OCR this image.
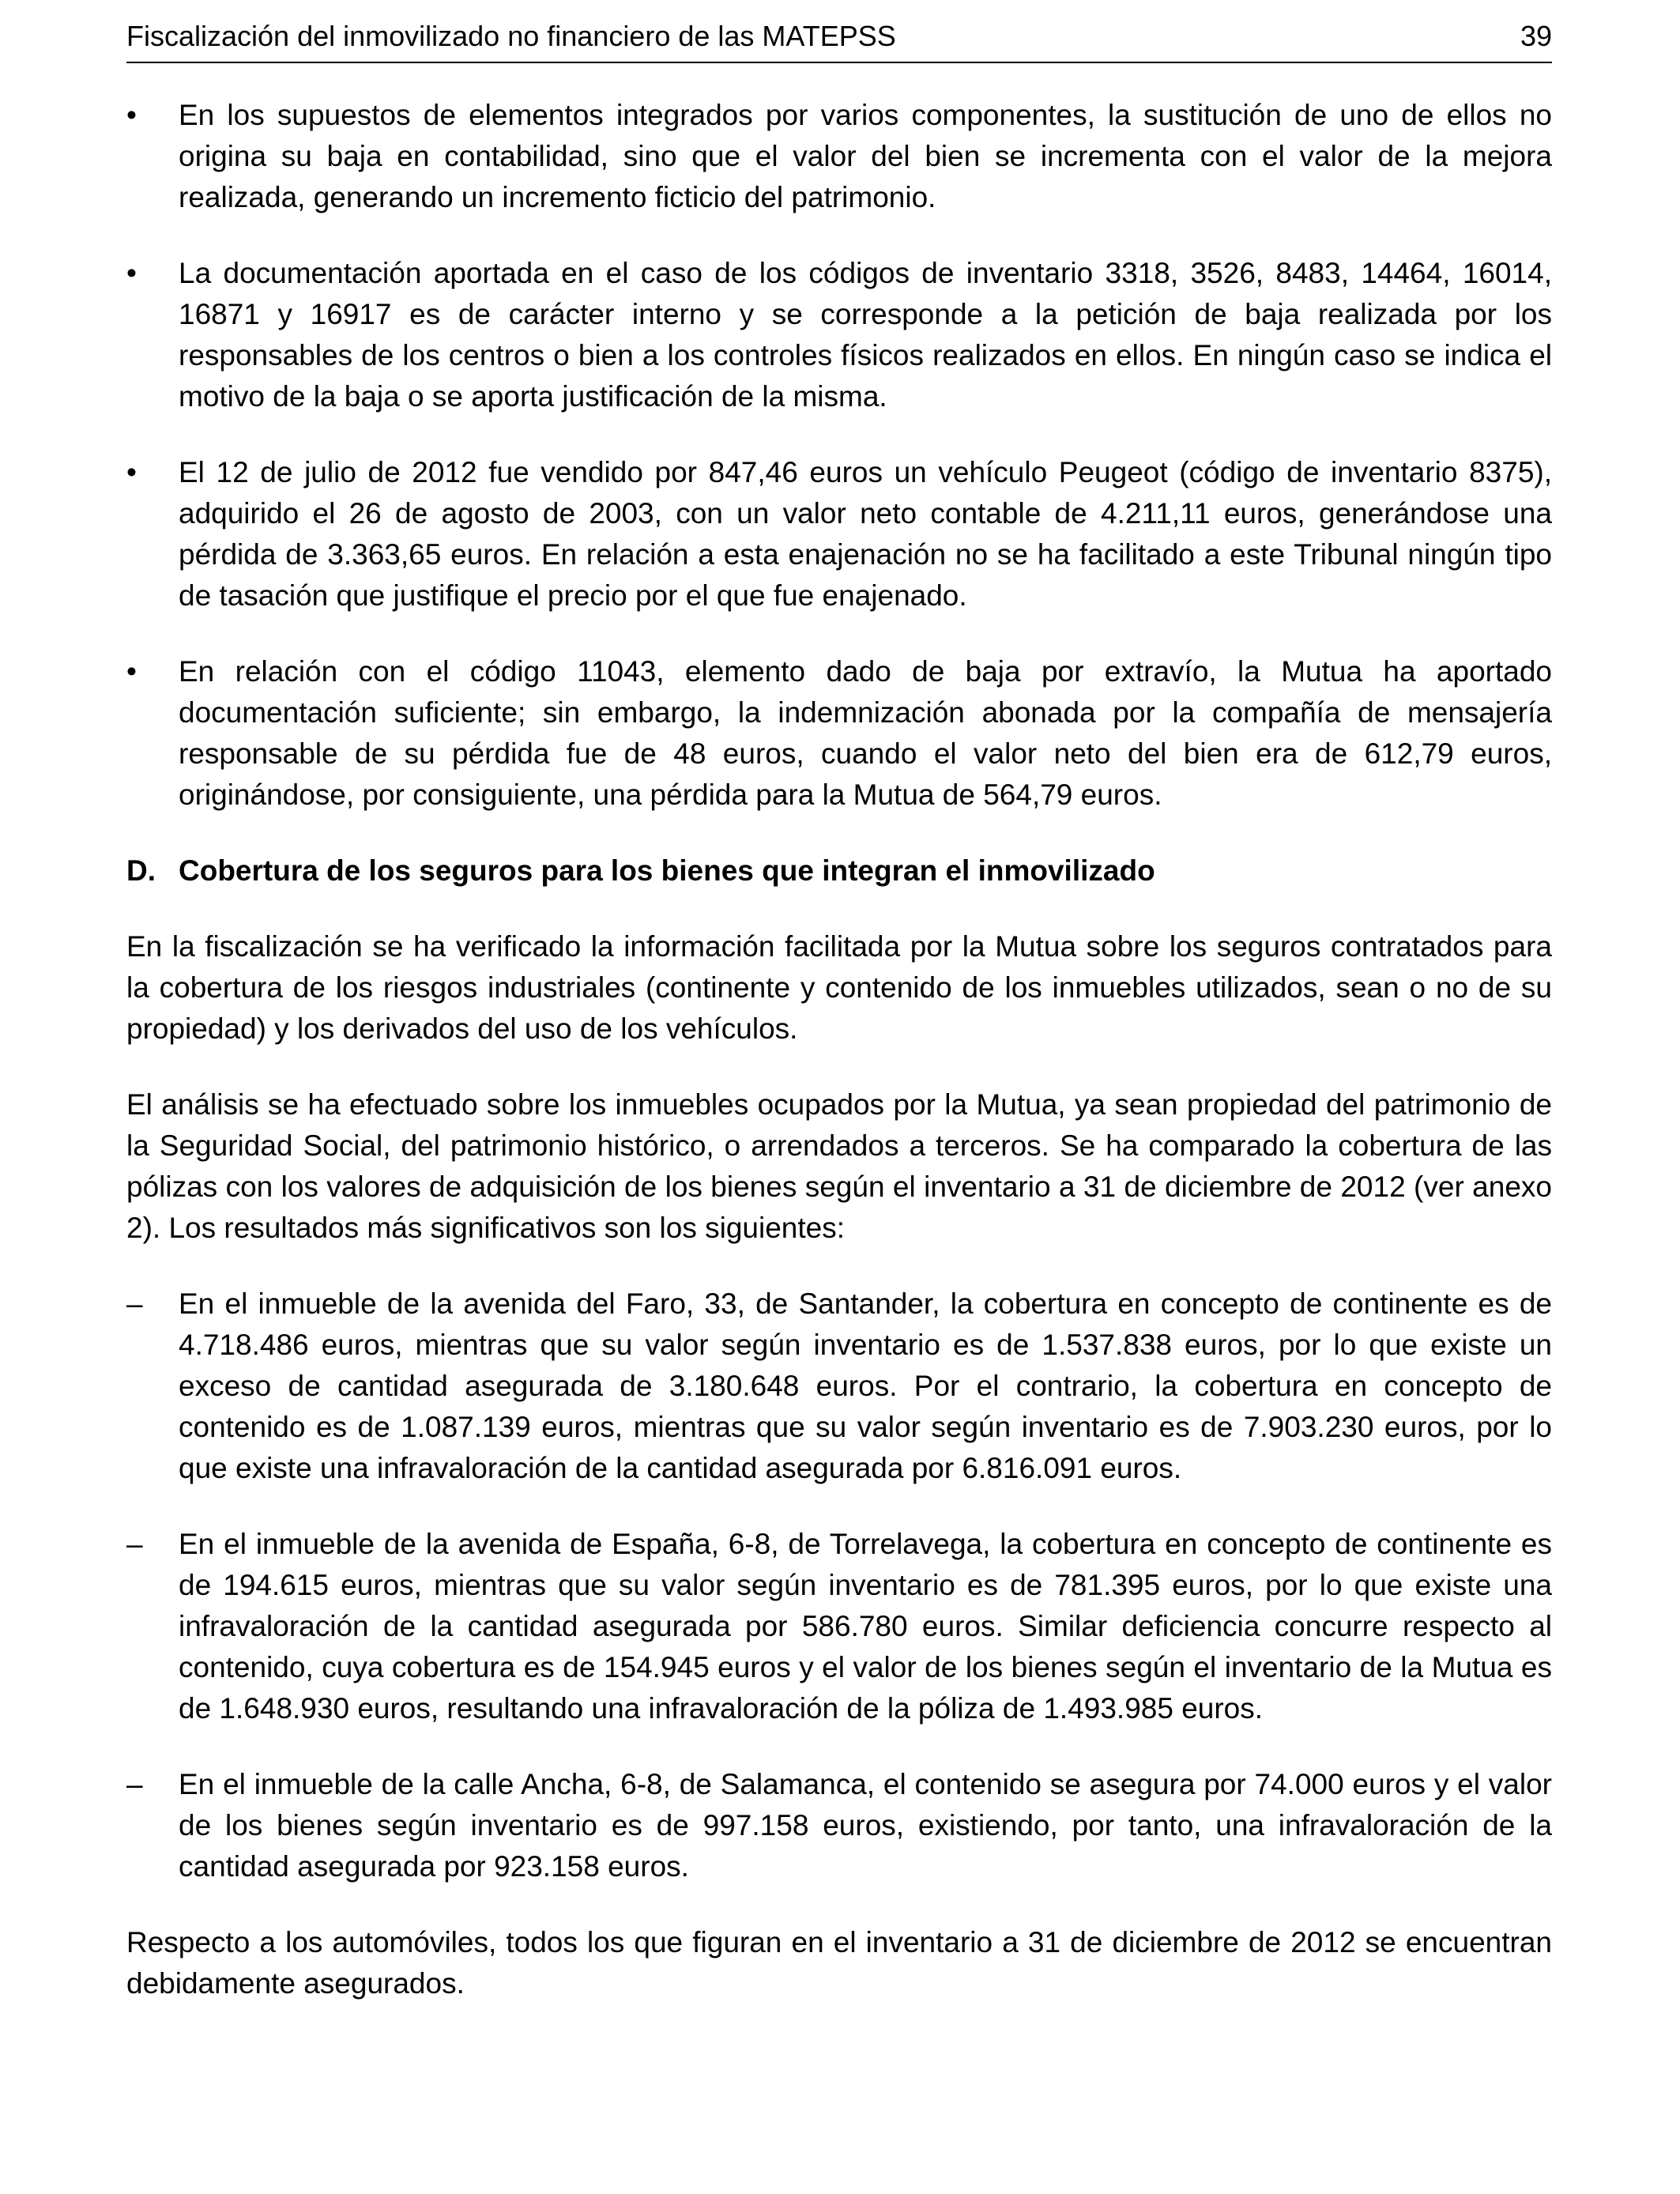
Fiscalización del inmovilizado no financiero de las MATEPSS	39
•	En los supuestos de elementos integrados por varios componentes, la sustitución de uno de ellos no origina su baja en contabilidad, sino que el valor del bien se incrementa con el valor de la mejora realizada, generando un incremento ficticio del patrimonio.
•	La documentación aportada en el caso de los códigos de inventario 3318, 3526, 8483, 14464, 16014, 16871 y 16917 es de carácter interno y se corresponde a la petición de baja realizada por los responsables de los centros o bien a los controles físicos realizados en ellos. En ningún caso se indica el motivo de la baja o se aporta justificación de la misma.
•	El 12 de julio de 2012 fue vendido por 847,46 euros un vehículo Peugeot (código de inventario 8375), adquirido el 26 de agosto de 2003, con un valor neto contable de 4.211,11 euros, generándose una pérdida de 3.363,65 euros. En relación a esta enajenación no se ha facilitado a este Tribunal ningún tipo de tasación que justifique el precio por el que fue enajenado.
•	En relación con el código 11043, elemento dado de baja por extravío, la Mutua ha aportado documentación suficiente; sin embargo, la indemnización abonada por la compañía de mensajería responsable de su pérdida fue de 48 euros, cuando el valor neto del bien era de 612,79 euros, originándose, por consiguiente, una pérdida para la Mutua de 564,79 euros.
D. Cobertura de los seguros para los bienes que integran el inmovilizado

En la fiscalización se ha verificado la información facilitada por la Mutua sobre los seguros contratados para la cobertura de los riesgos industriales (continente y contenido de los inmuebles utilizados, sean o no de su propiedad) y los derivados del uso de los vehículos.

El análisis se ha efectuado sobre los inmuebles ocupados por la Mutua, ya sean propiedad del patrimonio de la Seguridad Social, del patrimonio histórico, o arrendados a terceros. Se ha comparado la cobertura de las pólizas con los valores de adquisición de los bienes según el inventario a 31 de diciembre de 2012 (ver anexo 2). Los resultados más significativos son los siguientes:

–	En el inmueble de la avenida del Faro, 33, de Santander, la cobertura en concepto de continente es de 4.718.486 euros, mientras que su valor según inventario es de 1.537.838 euros, por lo que existe un exceso de cantidad asegurada de 3.180.648 euros. Por el contrario, la cobertura en concepto de contenido es de 1.087.139 euros, mientras que su valor según inventario es de 7.903.230 euros, por lo que existe una infravaloración de la cantidad asegurada por 6.816.091 euros.
–	En el inmueble de la avenida de España, 6-8, de Torrelavega, la cobertura en concepto de continente es de 194.615 euros, mientras que su valor según inventario es de 781.395 euros, por lo que existe una infravaloración de la cantidad asegurada por 586.780 euros. Similar deficiencia concurre respecto al contenido, cuya cobertura es de 154.945 euros y el valor de los bienes según el inventario de la Mutua es de 1.648.930 euros, resultando una infravaloración de la póliza de 1.493.985 euros.
–	En el inmueble de la calle Ancha, 6-8, de Salamanca, el contenido se asegura por 74.000 euros y el valor de los bienes según inventario es de 997.158 euros, existiendo, por tanto, una infravaloración de la cantidad asegurada por 923.158 euros.

Respecto a los automóviles, todos los que figuran en el inventario a 31 de diciembre de 2012 se encuentran debidamente asegurados.
